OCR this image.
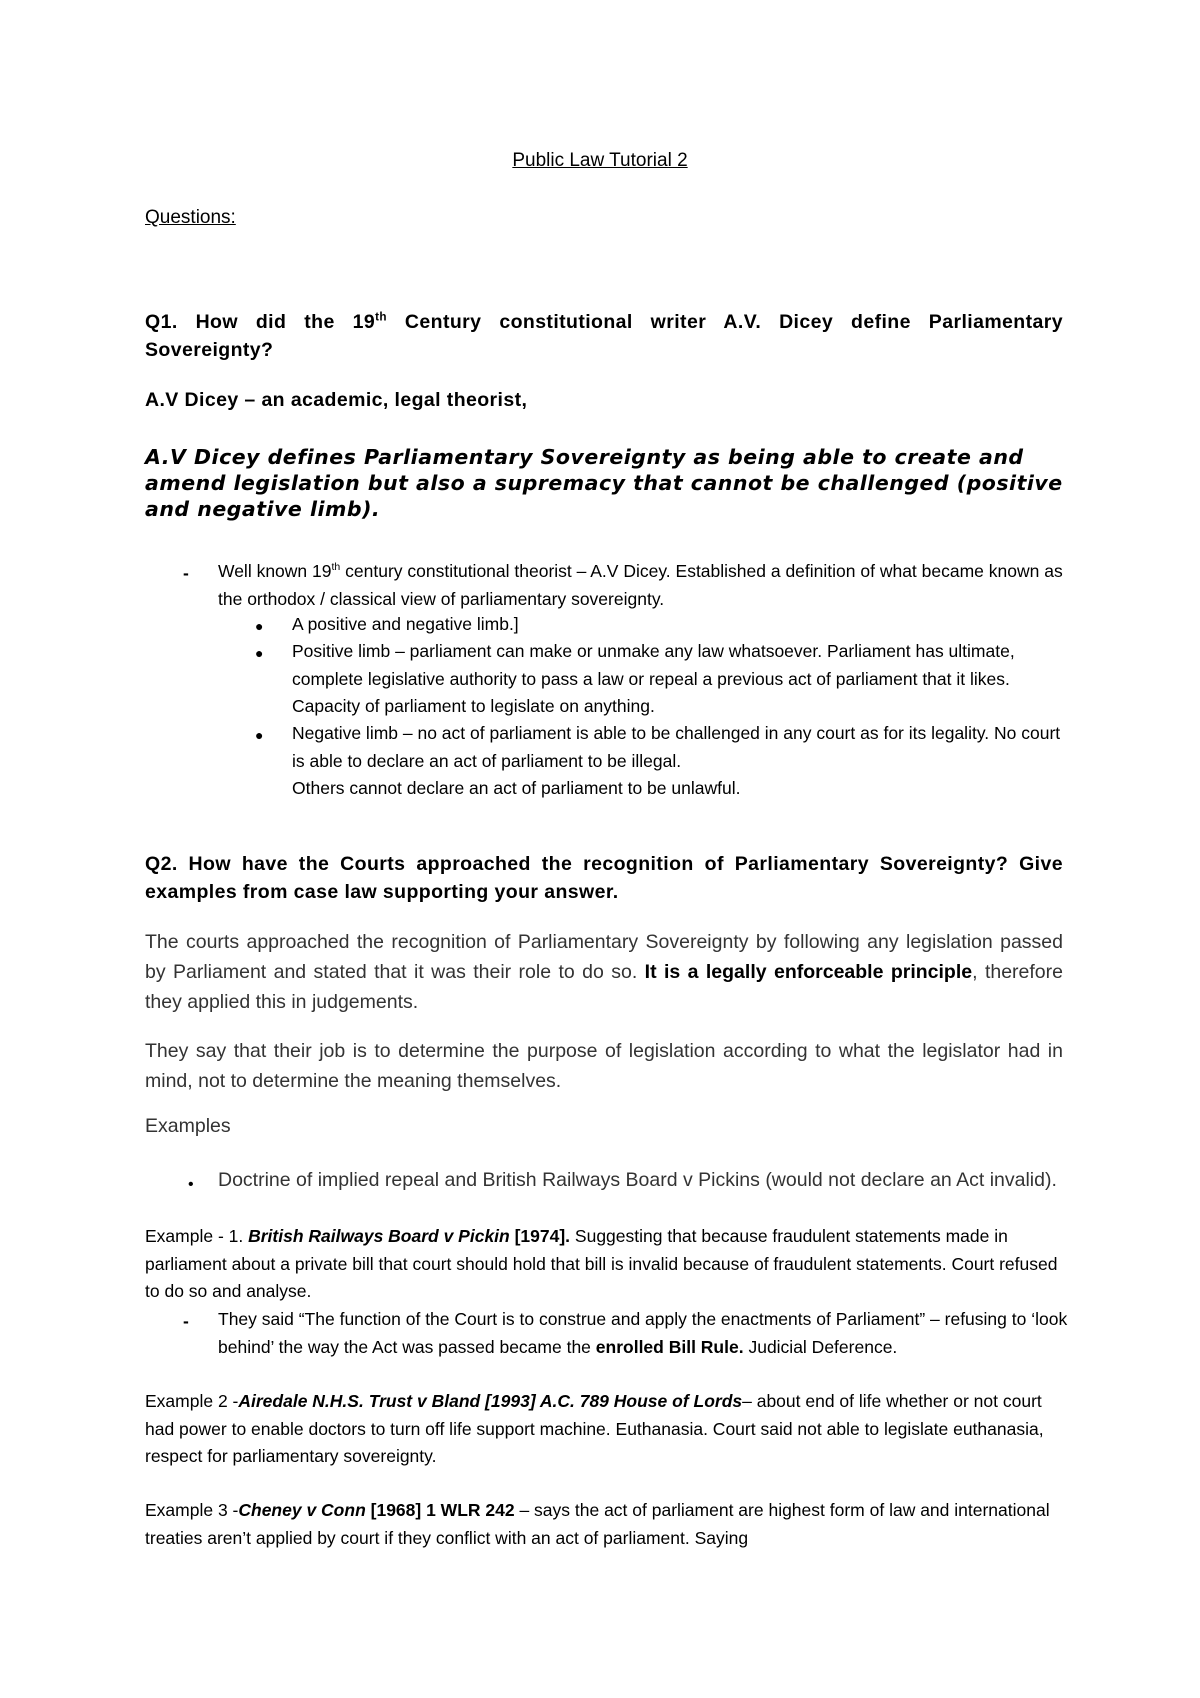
Public Law Tutorial 2
Questions:
Q1. How did the 19th Century constitutional writer A.V. Dicey define Parliamentary Sovereignty?
A.V Dicey – an academic, legal theorist,
A.V Dicey defines Parliamentary Sovereignty as being able to create and amend legislation but also a supremacy that cannot be challenged (positive and negative limb).
- Well known 19th century constitutional theorist – A.V Dicey. Established a definition of what became known as the orthodox / classical view of parliamentary sovereignty.
● A positive and negative limb.]
● Positive limb – parliament can make or unmake any law whatsoever. Parliament has ultimate, complete legislative authority to pass a law or repeal a previous act of parliament that it likes. Capacity of parliament to legislate on anything.
● Negative limb – no act of parliament is able to be challenged in any court as for its legality. No court is able to declare an act of parliament to be illegal.
Others cannot declare an act of parliament to be unlawful.
Q2. How have the Courts approached the recognition of Parliamentary Sovereignty? Give examples from case law supporting your answer.
The courts approached the recognition of Parliamentary Sovereignty by following any legislation passed by Parliament and stated that it was their role to do so. It is a legally enforceable principle, therefore they applied this in judgements.
They say that their job is to determine the purpose of legislation according to what the legislator had in mind, not to determine the meaning themselves.
Examples
• Doctrine of implied repeal and British Railways Board v Pickins (would not declare an Act invalid).
Example - 1. British Railways Board v Pickin [1974]. Suggesting that because fraudulent statements made in parliament about a private bill that court should hold that bill is invalid because of fraudulent statements. Court refused to do so and analyse.
- They said “The function of the Court is to construe and apply the enactments of Parliament” – refusing to ‘look behind’ the way the Act was passed became the enrolled Bill Rule. Judicial Deference.
Example 2 -Airedale N.H.S. Trust v Bland [1993] A.C. 789 House of Lords– about end of life whether or not court had power to enable doctors to turn off life support machine. Euthanasia. Court said not able to legislate euthanasia, respect for parliamentary sovereignty.
Example 3 -Cheney v Conn [1968] 1 WLR 242 – says the act of parliament are highest form of law and international treaties aren’t applied by court if they conflict with an act of parliament. Saying
